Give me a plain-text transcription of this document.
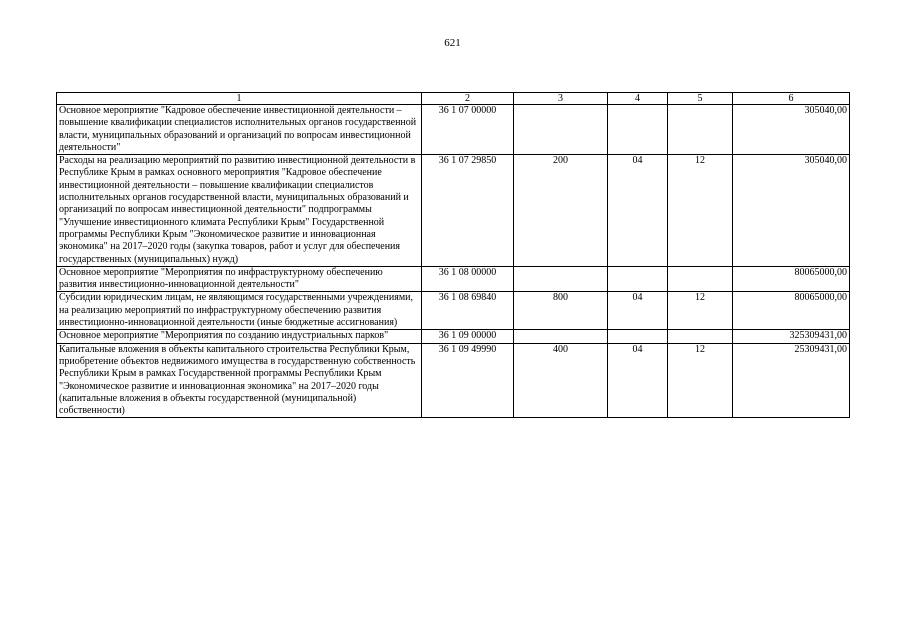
621
1	2	3	4	5	6
Основное мероприятие "Кадровое обеспечение инвестиционной деятельности – повышение квалификации специалистов исполнительных органов государственной власти, муниципальных образований и организаций по вопросам инвестиционной деятельности"	36 1 07 00000				305040,00
Расходы на реализацию мероприятий по развитию инвестиционной деятельности в Республике Крым в рамках основного мероприятия "Кадровое обеспечение инвестиционной деятельности – повышение квалификации специалистов исполнительных органов государственной власти, муниципальных образований и организаций по вопросам инвестиционной деятельности" подпрограммы "Улучшение инвестиционного климата Республики Крым" Государственной программы Республики Крым "Экономическое развитие и инновационная экономика" на 2017–2020 годы (закупка товаров, работ и услуг для обеспечения государственных (муниципальных) нужд)	36 1 07 29850	200	04	12	305040,00
Основное мероприятие "Мероприятия по инфраструктурному обеспечению развития инвестиционно-инновационной деятельности"	36 1 08 00000				80065000,00
Субсидии юридическим лицам, не являющимся государственными учреждениями, на реализацию мероприятий по инфраструктурному обеспечению развития инвестиционно-инновационной деятельности (иные бюджетные ассигнования)	36 1 08 69840	800	04	12	80065000,00
Основное мероприятие "Мероприятия по созданию индустриальных парков"	36 1 09 00000				325309431,00
Капитальные вложения в объекты капитального строительства Республики Крым, приобретение объектов недвижимого имущества в государственную собственность Республики Крым в рамках Государственной программы Республики Крым "Экономическое развитие и инновационная экономика" на 2017–2020 годы (капитальные вложения в объекты государственной (муниципальной) собственности)	36 1 09 49990	400	04	12	25309431,00
